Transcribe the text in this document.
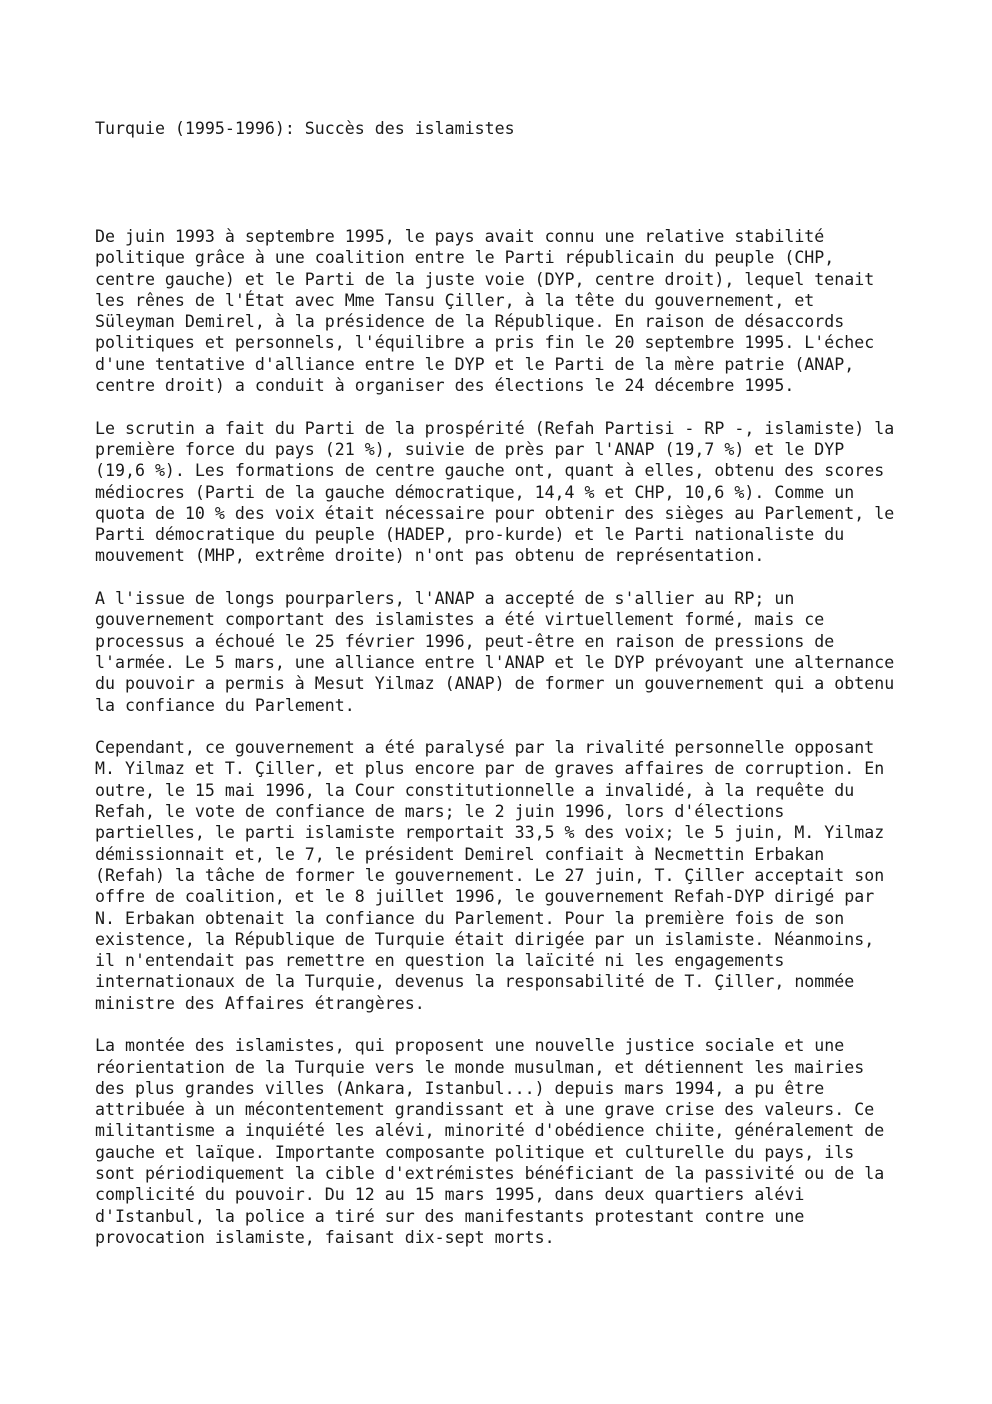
Turquie (1995-1996): Succès des islamistes

De juin 1993 à septembre 1995, le pays avait connu une relative stabilité
politique grâce à une coalition entre le Parti républicain du peuple (CHP,
centre gauche) et le Parti de la juste voie (DYP, centre droit), lequel tenait
les rênes de l'État avec Mme Tansu Çiller, à la tête du gouvernement, et
Süleyman Demirel, à la présidence de la République. En raison de désaccords
politiques et personnels, l'équilibre a pris fin le 20 septembre 1995. L'échec
d'une tentative d'alliance entre le DYP et le Parti de la mère patrie (ANAP,
centre droit) a conduit à organiser des élections le 24 décembre 1995.

Le scrutin a fait du Parti de la prospérité (Refah Partisi - RP -, islamiste) la
première force du pays (21 %), suivie de près par l'ANAP (19,7 %) et le DYP
(19,6 %). Les formations de centre gauche ont, quant à elles, obtenu des scores
médiocres (Parti de la gauche démocratique, 14,4 % et CHP, 10,6 %). Comme un
quota de 10 % des voix était nécessaire pour obtenir des sièges au Parlement, le
Parti démocratique du peuple (HADEP, pro-kurde) et le Parti nationaliste du
mouvement (MHP, extrême droite) n'ont pas obtenu de représentation.

A l'issue de longs pourparlers, l'ANAP a accepté de s'allier au RP; un
gouvernement comportant des islamistes a été virtuellement formé, mais ce
processus a échoué le 25 février 1996, peut-être en raison de pressions de
l'armée. Le 5 mars, une alliance entre l'ANAP et le DYP prévoyant une alternance
du pouvoir a permis à Mesut Yilmaz (ANAP) de former un gouvernement qui a obtenu
la confiance du Parlement.

Cependant, ce gouvernement a été paralysé par la rivalité personnelle opposant
M. Yilmaz et T. Çiller, et plus encore par de graves affaires de corruption. En
outre, le 15 mai 1996, la Cour constitutionnelle a invalidé, à la requête du
Refah, le vote de confiance de mars; le 2 juin 1996, lors d'élections
partielles, le parti islamiste remportait 33,5 % des voix; le 5 juin, M. Yilmaz
démissionnait et, le 7, le président Demirel confiait à Necmettin Erbakan
(Refah) la tâche de former le gouvernement. Le 27 juin, T. Çiller acceptait son
offre de coalition, et le 8 juillet 1996, le gouvernement Refah-DYP dirigé par
N. Erbakan obtenait la confiance du Parlement. Pour la première fois de son
existence, la République de Turquie était dirigée par un islamiste. Néanmoins,
il n'entendait pas remettre en question la laïcité ni les engagements
internationaux de la Turquie, devenus la responsabilité de T. Çiller, nommée
ministre des Affaires étrangères.

La montée des islamistes, qui proposent une nouvelle justice sociale et une
réorientation de la Turquie vers le monde musulman, et détiennent les mairies
des plus grandes villes (Ankara, Istanbul...) depuis mars 1994, a pu être
attribuée à un mécontentement grandissant et à une grave crise des valeurs. Ce
militantisme a inquiété les alévi, minorité d'obédience chiite, généralement de
gauche et laïque. Importante composante politique et culturelle du pays, ils
sont périodiquement la cible d'extrémistes bénéficiant de la passivité ou de la
complicité du pouvoir. Du 12 au 15 mars 1995, dans deux quartiers alévi
d'Istanbul, la police a tiré sur des manifestants protestant contre une
provocation islamiste, faisant dix-sept morts.
